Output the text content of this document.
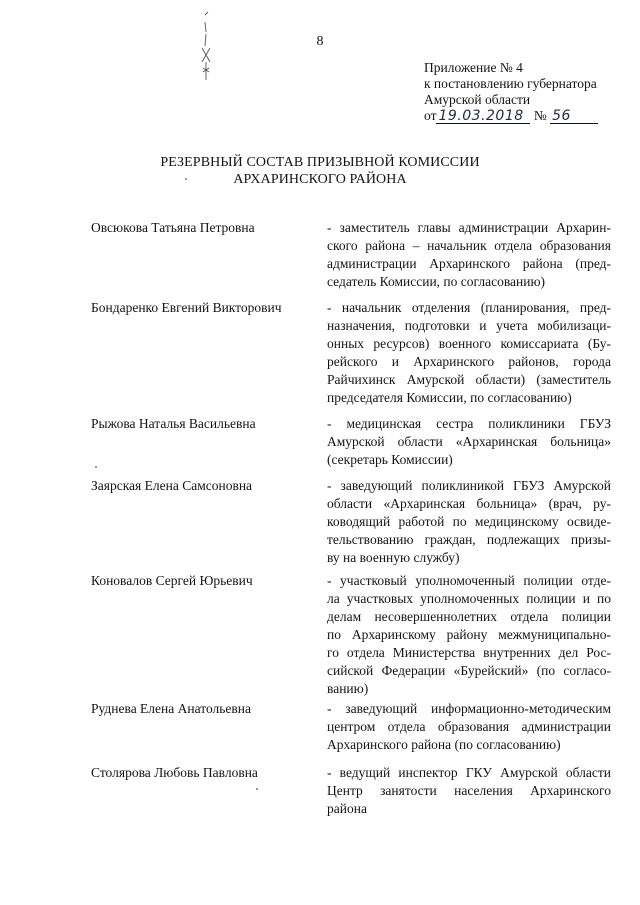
8
Приложение № 4
к постановлению губернатора
Амурской области
от 19.03.2018 № 56
РЕЗЕРВНЫЙ СОСТАВ ПРИЗЫВНОЙ КОМИССИИ
АРХАРИНСКОГО РАЙОНА
Овсюкова Татьяна Петровна	- заместитель главы администрации Архарин-
ского района – начальник отдела образования
администрации Архаринского района (пред-
седатель Комиссии, по согласованию)
Бондаренко Евгений Викторович	- начальник отделения (планирования, пред-
назначения, подготовки и учета мобилизаци-
онных ресурсов) военного комиссариата (Бу-
рейского и Архаринского районов, города
Райчихинск Амурской области) (заместитель
председателя Комиссии, по согласованию)
Рыжова Наталья Васильевна	- медицинская сестра поликлиники ГБУЗ
Амурской области «Архаринская больница»
(секретарь Комиссии)
Заярская Елена Самсоновна	- заведующий поликлиникой ГБУЗ Амурской
области «Архаринская больница» (врач, ру-
ководящий работой по медицинскому освиде-
тельствованию граждан, подлежащих призы-
ву на военную службу)
Коновалов Сергей Юрьевич	- участковый уполномоченный полиции отде-
ла участковых уполномоченных полиции и по
делам несовершеннолетних отдела полиции
по Архаринскому району межмуниципально-
го отдела Министерства внутренних дел Рос-
сийской Федерации «Бурейский» (по согласо-
ванию)
Руднева Елена Анатольевна	- заведующий информационно-методическим
центром отдела образования администрации
Архаринского района (по согласованию)
Столярова Любовь Павловна	- ведущий инспектор ГКУ Амурской области
Центр занятости населения Архаринского
района
